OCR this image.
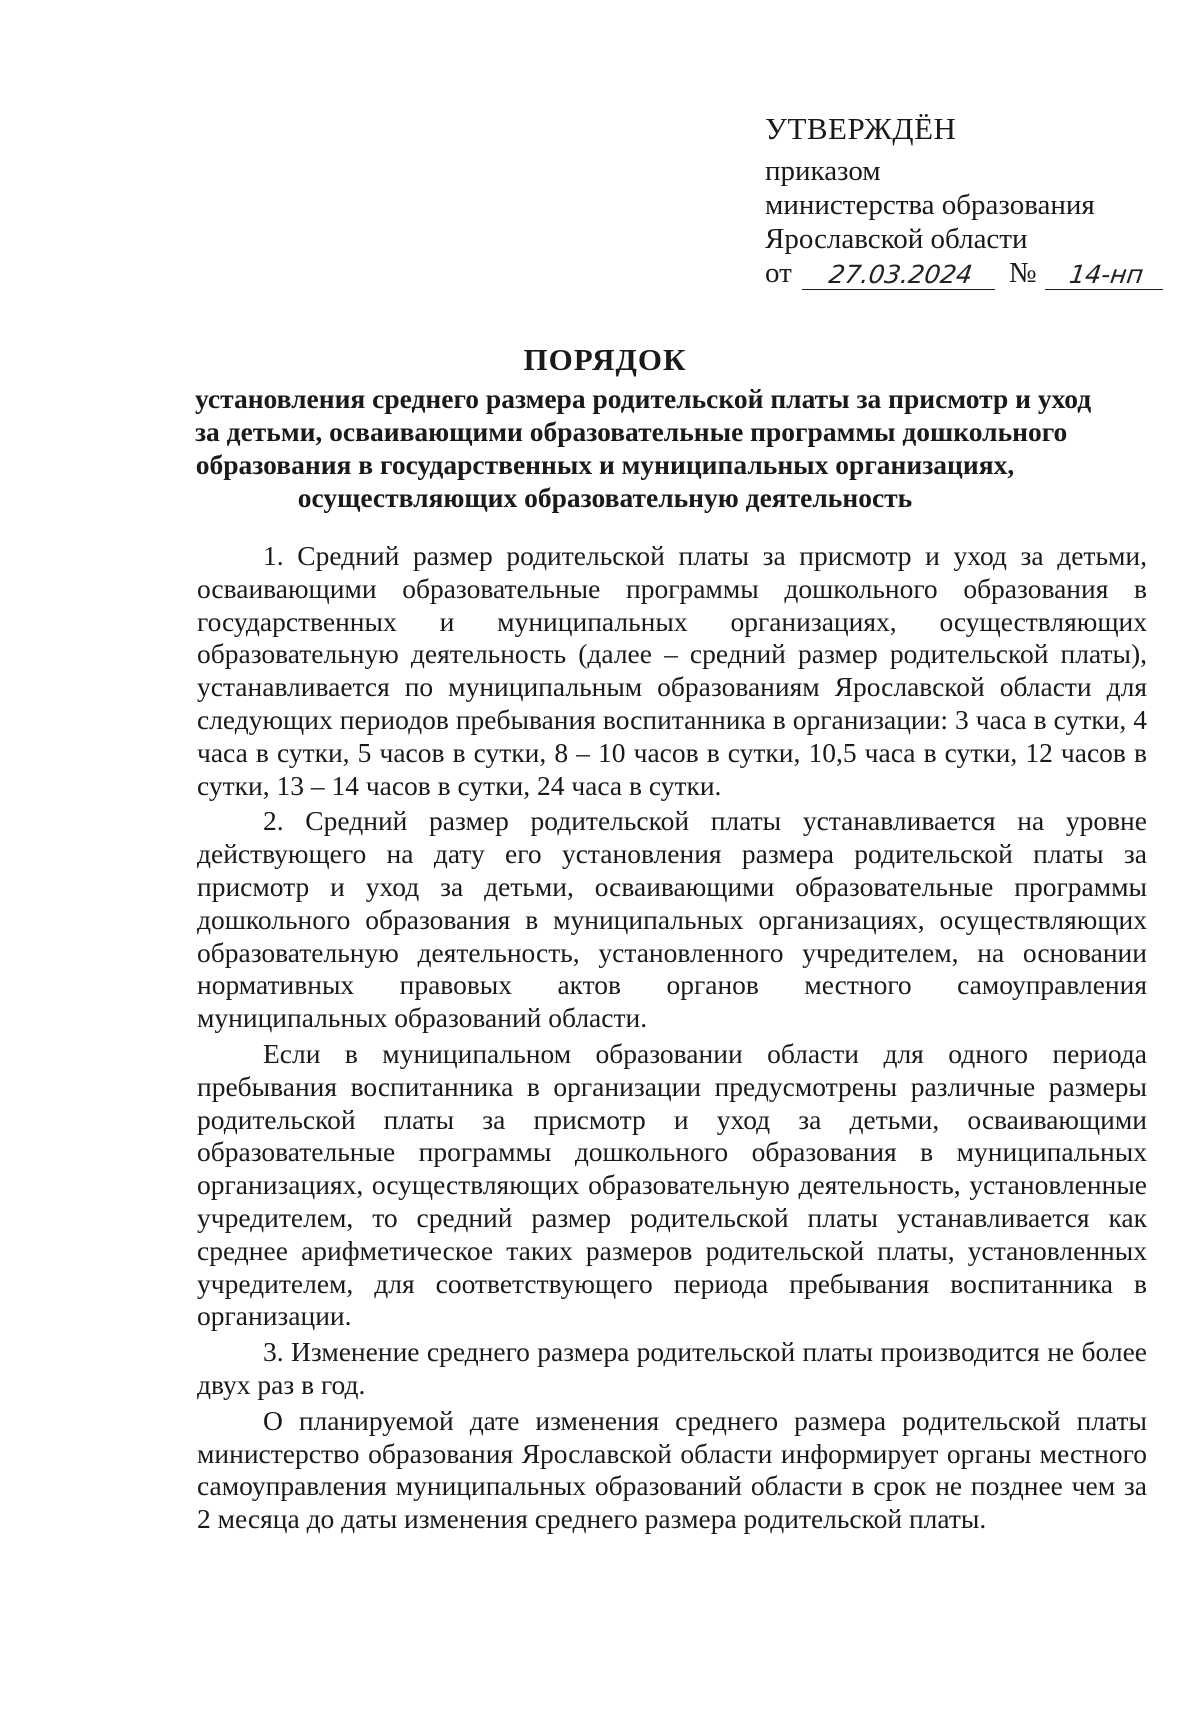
УТВЕРЖДЁН
приказом
министерства образования
Ярославской области
от	27.03.2024	№	14-нп
ПОРЯДОК
установления среднего размера родительской платы за присмотр и уход
за детьми, осваивающими образовательные программы дошкольного
образования в государственных и муниципальных организациях,
осуществляющих образовательную деятельность

1. Средний размер родительской платы за присмотр и уход за детьми, осваивающими образовательные программы дошкольного образования в государственных и муниципальных организациях, осуществляющих образовательную деятельность (далее – средний размер родительской платы), устанавливается по муниципальным образованиям Ярославской области для следующих периодов пребывания воспитанника в организации: 3 часа в сутки, 4 часа в сутки, 5 часов в сутки, 8 – 10 часов в сутки, 10,5 часа в сутки, 12 часов в сутки, 13 – 14 часов в сутки, 24 часа в сутки.

2. Средний размер родительской платы устанавливается на уровне действующего на дату его установления размера родительской платы за присмотр и уход за детьми, осваивающими образовательные программы дошкольного образования в муниципальных организациях, осуществляющих образовательную деятельность, установленного учредителем, на основании нормативных правовых актов органов местного самоуправления муниципальных образований области.

Если в муниципальном образовании области для одного периода пребывания воспитанника в организации предусмотрены различные размеры родительской платы за присмотр и уход за детьми, осваивающими образовательные программы дошкольного образования в муниципальных организациях, осуществляющих образовательную деятельность, установленные учредителем, то средний размер родительской платы устанавливается как среднее арифметическое таких размеров родительской платы, установленных учредителем, для соответствующего периода пребывания воспитанника в организации.

3. Изменение среднего размера родительской платы производится не более двух раз в год.

О планируемой дате изменения среднего размера родительской платы министерство образования Ярославской области информирует органы местного самоуправления муниципальных образований области в срок не позднее чем за 2 месяца до даты изменения среднего размера родительской платы.
